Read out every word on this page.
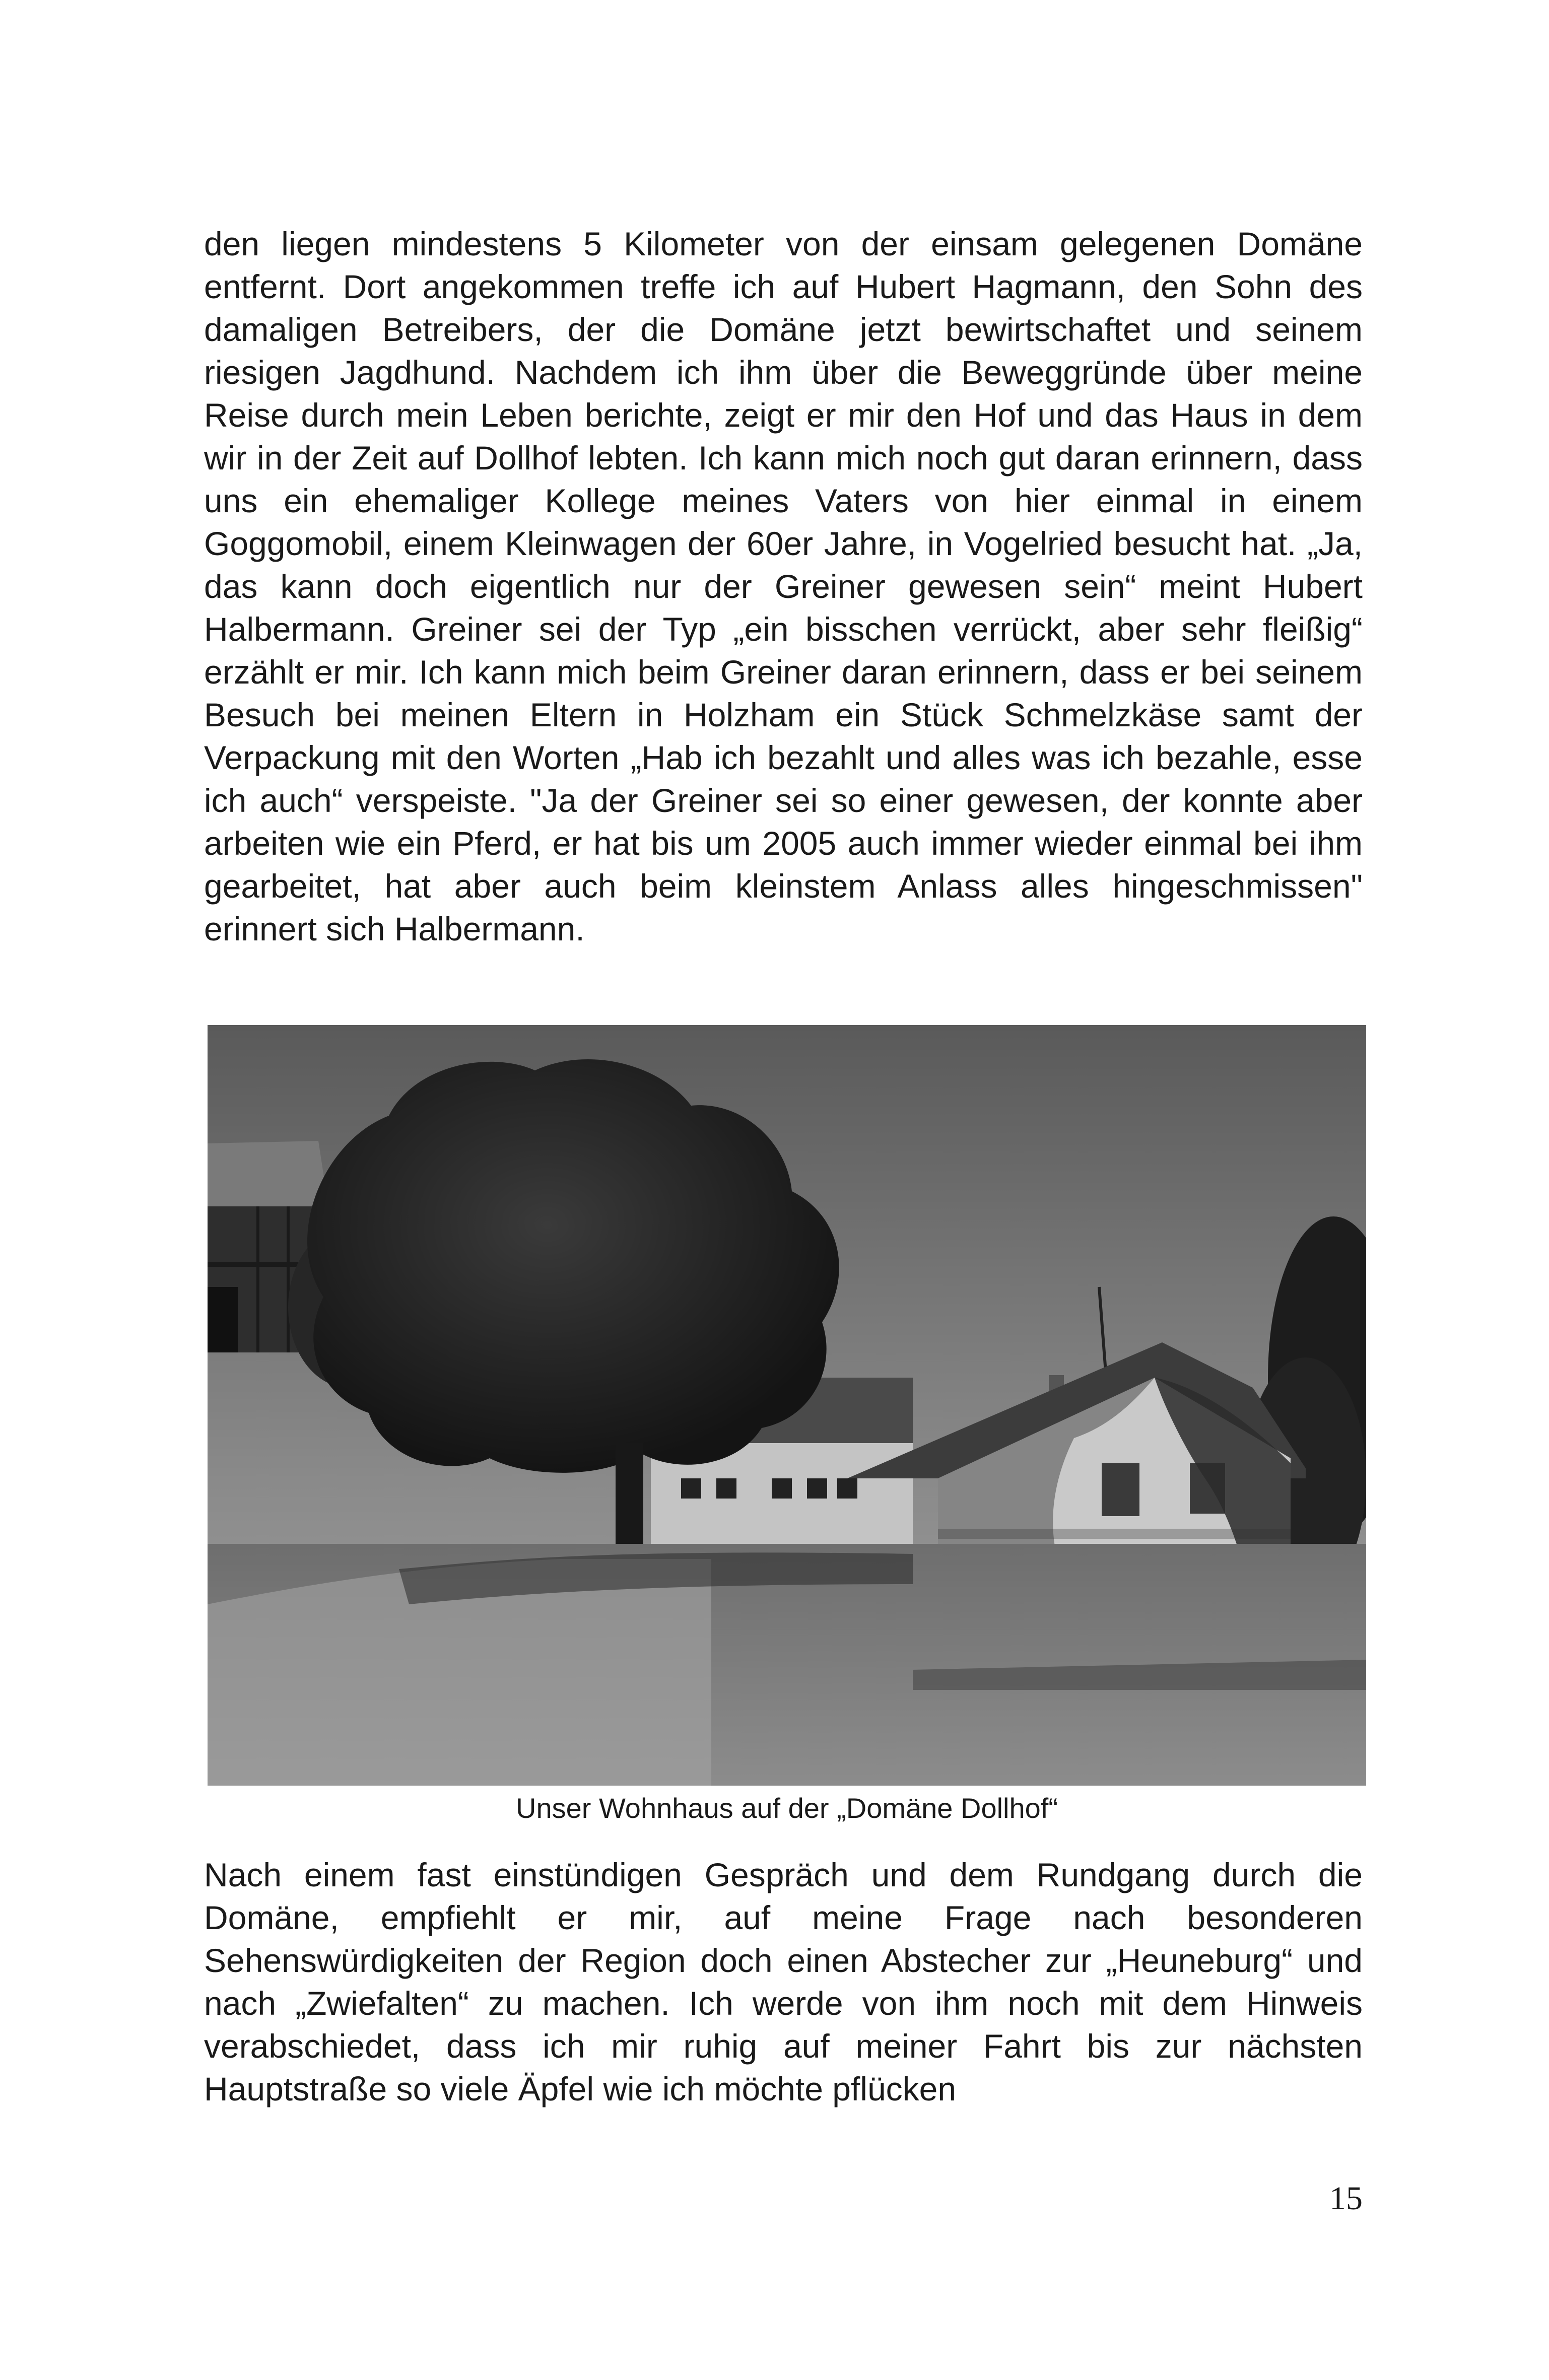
den liegen mindestens 5 Kilometer von der einsam gelegenen Domäne entfernt. Dort angekommen treffe ich auf Hubert Hagmann, den Sohn des damaligen Betreibers, der die Domäne jetzt bewirtschaftet und seinem riesigen Jagdhund. Nachdem ich ihm über die Beweggründe über meine Reise durch mein Leben berichte, zeigt er mir den Hof und das Haus in dem wir in der Zeit auf Dollhof lebten. Ich kann mich noch gut daran erinnern, dass uns ein ehemaliger Kollege meines Vaters von hier einmal in einem Goggomobil, einem Kleinwagen der 60er Jahre, in Vogelried besucht hat. „Ja, das kann doch eigentlich nur der Greiner gewesen sein“ meint Hubert Halbermann. Greiner sei der Typ „ein bisschen verrückt, aber sehr fleißig“ erzählt er mir. Ich kann mich beim Greiner daran erinnern, dass er bei seinem Besuch bei meinen Eltern in Holzham ein Stück Schmelzkäse samt der Verpackung mit den Worten „Hab ich bezahlt und alles was ich bezahle, esse ich auch“ verspeiste. "Ja der Greiner sei so einer gewesen, der konnte aber arbeiten wie ein Pferd, er hat bis um 2005 auch immer wieder einmal bei ihm gearbeitet, hat aber auch beim kleinstem Anlass alles hingeschmissen" erinnert sich Halbermann.

Unser Wohnhaus auf der „Domäne Dollhof“

Nach einem fast einstündigen Gespräch und dem Rundgang durch die Domäne, empfiehlt er mir, auf meine Frage nach besonderen Sehenswürdigkeiten der Region doch einen Abstecher zur „Heuneburg“ und nach „Zwiefalten“ zu machen. Ich werde von ihm noch mit dem Hinweis verabschiedet, dass ich mir ruhig auf meiner Fahrt bis zur nächsten Hauptstraße so viele Äpfel wie ich möchte pflücken

15
